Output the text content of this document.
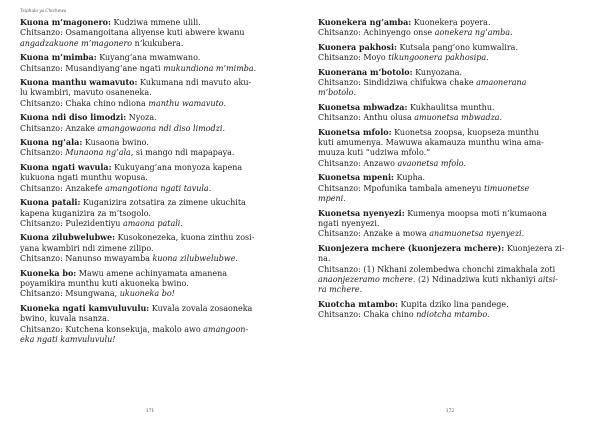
Tsiphula ya Chichewa
Kuona m’magonero: Kudziwa mmene ulili.
Chitsanzo: Osamangoitana aliyense kuti abwere kwanu
angadzakuone m’magonero n’kukubera.
Kuona m’mimba: Kuyang’ana mwamwano.
Chitsanzo: Musandiyang’ane ngati mukundiona m’mimba.
Kuona manthu wamavuto: Kukumana ndi mavuto aku-
lu kwambiri, mavuto osaneneka.
Chitsanzo: Chaka chino ndiona manthu wamavuto.
Kuona ndi diso limodzi: Nyoza.
Chitsanzo: Anzake amangowaona ndi diso limodzi.
Kuona ng’ala: Kusaona bwino.
Chitsanzo: Munaona ng’ala, si mango ndi mapapaya.
Kuona ngati wavula: Kukuyang’ana monyoza kapena
kukuona ngati munthu wopusa.
Chitsanzo: Anzakefe amangotiona ngati tavula.
Kuona patali: Kuganizira zotsatira za zimene ukuchita
kapena kuganizira za m’tsogolo.
Chitsanzo: Pulezidentiyu amaona patali.
Kuona zilubwelubwe: Kusokonezeka, kuona zinthu zosi-
yana kwambiri ndi zimene zilipo.
Chitsanzo: Nanunso mwayamba kuona zilubwelubwe.
Kuoneka bo: Mawu amene achinyamata amanena
poyamikira munthu kuti akuoneka bwino.
Chitsanzo: Msungwana, ukuoneka bo!
Kuoneka ngati kamvuluvulu: Kuvala zovala zosaoneka
bwino, kuvala nsanza.
Chitsanzo: Kutchena konsekuja, makolo awo amangoon-
eka ngati kamvuluvulu!
171
Kuonekera ng’amba: Kuonekera poyera.
Chitsanzo: Achinyengo onse aonekera ng’amba.
Kuonera pakhosi: Kutsala pang’ono kumwalira.
Chitsanzo: Moyo tikungoonera pakhosipa.
Kuonerana m’botolo: Kunyozana.
Chitsanzo: Sindidziwa chifukwa chake amaonerana
m’botolo.
Kuonetsa mbwadza: Kukhaulitsa munthu.
Chitsanzo: Anthu olusa amuonetsa mbwadza.
Kuonetsa mfolo: Kuonetsa zoopsa, kuopseza munthu
kuti amumenya. Mawuwa akamauza munthu wina ama-
muuza kuti “udziwa mfolo.”
Chitsanzo: Anzawo avaonetsa mfolo.
Kuonetsa mpeni: Kupha.
Chitsanzo: Mpofunika tambala ameneyu timuonetse
mpeni.
Kuonetsa nyenyezi: Kumenya moopsa moti n’kumaona
ngati nyenyezi.
Chitsanzo: Anzake a mowa anamuonetsa nyenyezi.
Kuonjezera mchere (kuonjezera mchere): Kuonjezera zi-
na.
Chitsanzo: (1) Nkhani zolembedwa chonchi zimakhala zoti
anaonjezeramo mchere. (2) Ndinadziwa kuti nkhaniyi aitsi-
ra mchere.
Kuotcha mtambo: Kupita dziko lina pandege.
Chitsanzo: Chaka chino ndiotcha mtambo.
172
